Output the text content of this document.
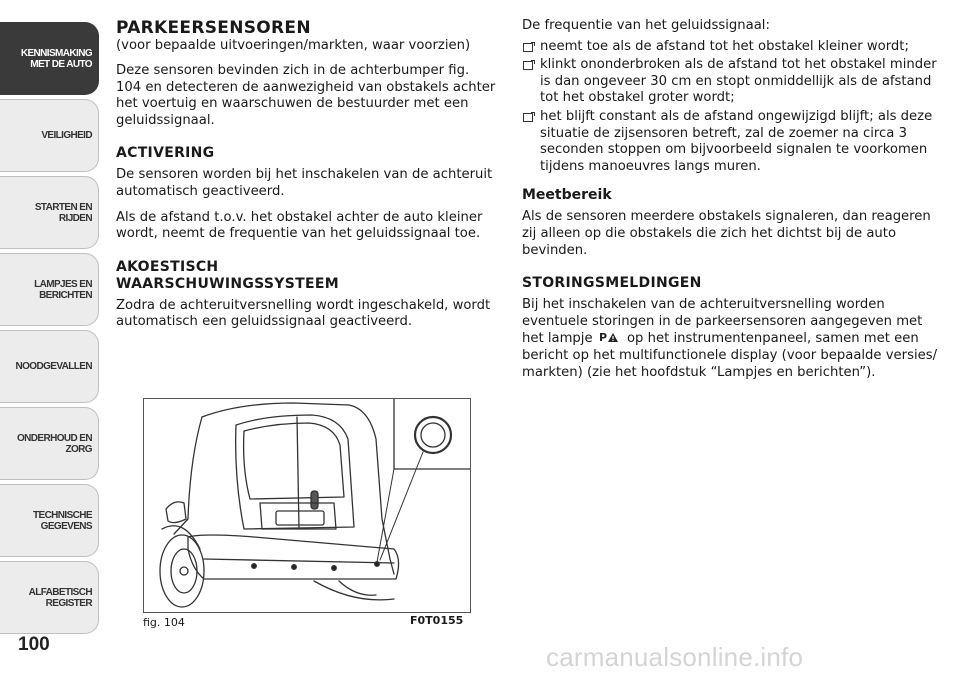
KENNISMAKING
MET DE AUTO
VEILIGHEID
STARTEN EN RIJDEN
LAMPJES EN
BERICHTEN
NOODGEVALLEN
ONDERHOUD EN
ZORG
TECHNISCHE
GEGEVENS
ALFABETISCH
REGISTER
100
PARKEERSENSOREN
(voor bepaalde uitvoeringen/markten, waar voorzien)
Deze sensoren bevinden zich in de achterbumper fig. 104 en detecteren de aanwezigheid van obstakels achter het voertuig en waarschuwen de bestuurder met een geluidssignaal.
ACTIVERING
De sensoren worden bij het inschakelen van de achteruit automatisch geactiveerd.
Als de afstand t.o.v. het obstakel achter de auto kleiner wordt, neemt de frequentie van het geluidssignaal toe.
AKOESTISCH
WAARSCHUWINGSSYSTEEM
Zodra de achteruitversnelling wordt ingeschakeld, wordt automatisch een geluidssignaal geactiveerd.
fig. 104	F0T0155
De frequentie van het geluidssignaal:
neemt toe als de afstand tot het obstakel kleiner wordt;
klinkt ononderbroken als de afstand tot het obstakel minder is dan ongeveer 30 cm en stopt onmiddellijk als de afstand tot het obstakel groter wordt;
het blijft constant als de afstand ongewijzigd blijft; als deze situatie de zijsensoren betreft, zal de zoemer na circa 3 seconden stoppen om bijvoorbeeld signalen te voorkomen tijdens manoeuvres langs muren.
Meetbereik
Als de sensoren meerdere obstakels signaleren, dan reageren zij alleen op die obstakels die zich het dichtst bij de auto bevinden.
STORINGSMELDINGEN
Bij het inschakelen van de achteruitversnelling worden eventuele storingen in de parkeersensoren aangegeven met het lampje P op het instrumentenpaneel, samen met een bericht op het multifunctionele display (voor bepaalde versies/ markten) (zie het hoofdstuk “Lampjes en berichten”).
carmanualsonline.info
